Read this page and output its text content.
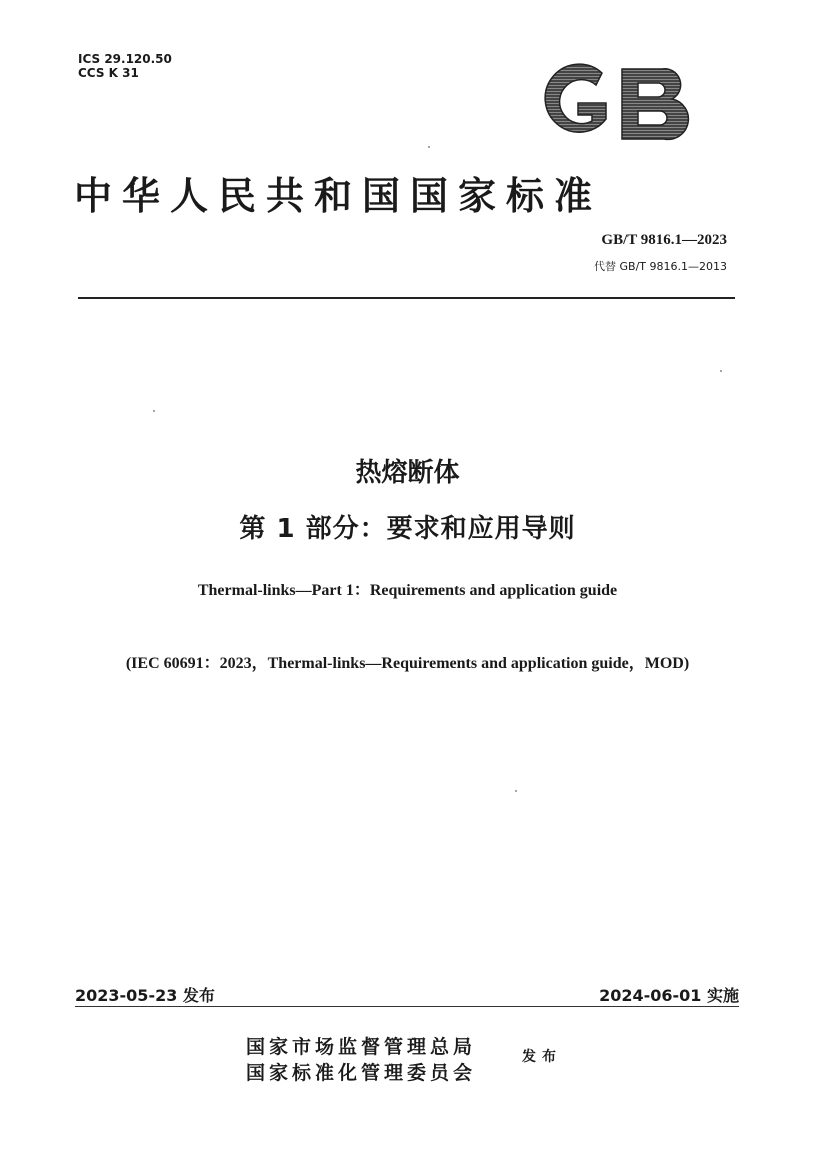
ICS 29.120.50
CCS K 31
中华人民共和国国家标准
GB/T 9816.1—2023
代替 GB/T 9816.1—2013
热熔断体
第 1 部分：要求和应用导则
Thermal-links—Part 1：Requirements and application guide
(IEC 60691：2023，Thermal-links—Requirements and application guide，MOD)
2023-05-23 发布	2024-06-01 实施
国家市场监督管理总局
国家标准化管理委员会
发布
